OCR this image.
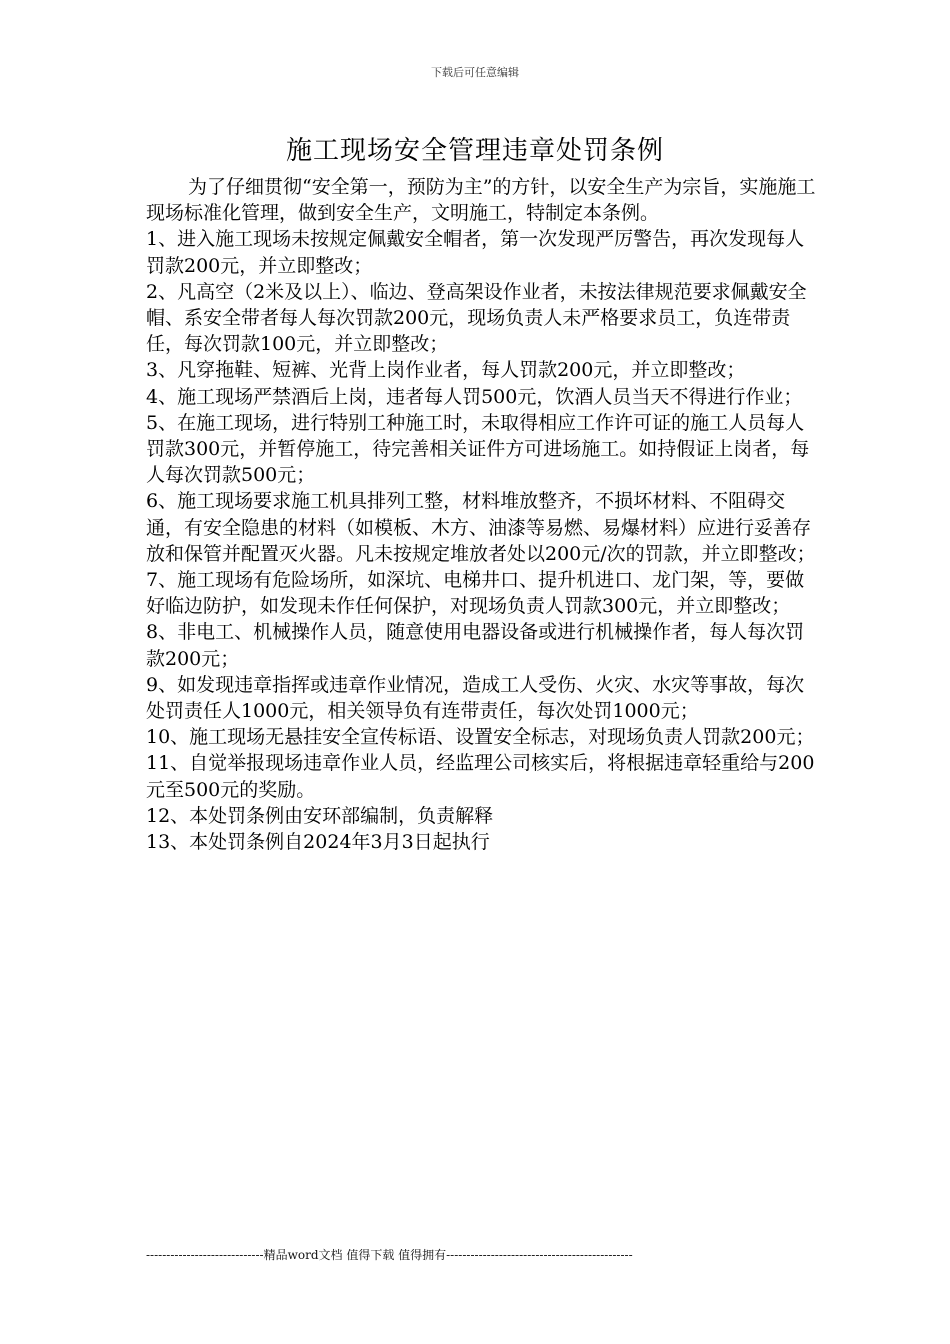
下载后可任意编辑
施工现场安全管理违章处罚条例

为了仔细贯彻“安全第一，预防为主”的方针，以安全生产为宗旨，实施施工现场标准化管理，做到安全生产，文明施工，特制定本条例。

1、进入施工现场未按规定佩戴安全帽者，第一次发现严厉警告，再次发现每人罚款200元，并立即整改；

2、凡高空（2米及以上）、临边、登高架设作业者，未按法律规范要求佩戴安全帽、系安全带者每人每次罚款200元，现场负责人未严格要求员工，负连带责任，每次罚款100元，并立即整改；

3、凡穿拖鞋、短裤、光背上岗作业者，每人罚款200元，并立即整改；

4、施工现场严禁酒后上岗，违者每人罚500元，饮酒人员当天不得进行作业；

5、在施工现场，进行特别工种施工时，未取得相应工作许可证的施工人员每人罚款300元，并暂停施工，待完善相关证件方可进场施工。如持假证上岗者，每人每次罚款500元；

6、施工现场要求施工机具排列工整，材料堆放整齐，不损坏材料、不阻碍交通，有安全隐患的材料（如模板、木方、油漆等易燃、易爆材料）应进行妥善存放和保管并配置灭火器。凡未按规定堆放者处以200元/次的罚款，并立即整改；

7、施工现场有危险场所，如深坑、电梯井口、提升机进口、龙门架，等，要做好临边防护，如发现未作任何保护，对现场负责人罚款300元，并立即整改；

8、非电工、机械操作人员，随意使用电器设备或进行机械操作者，每人每次罚款200元；

9、如发现违章指挥或违章作业情况，造成工人受伤、火灾、水灾等事故，每次处罚责任人1000元，相关领导负有连带责任，每次处罚1000元；

10、施工现场无悬挂安全宣传标语、设置安全标志，对现场负责人罚款200元；

11、自觉举报现场违章作业人员，经监理公司核实后，将根据违章轻重给与200元至500元的奖励。

12、本处罚条例由安环部编制，负责解释

13、本处罚条例自2024年3月3日起执行

-----------------------------精品word文档 值得下载 值得拥有----------------------------------------------
